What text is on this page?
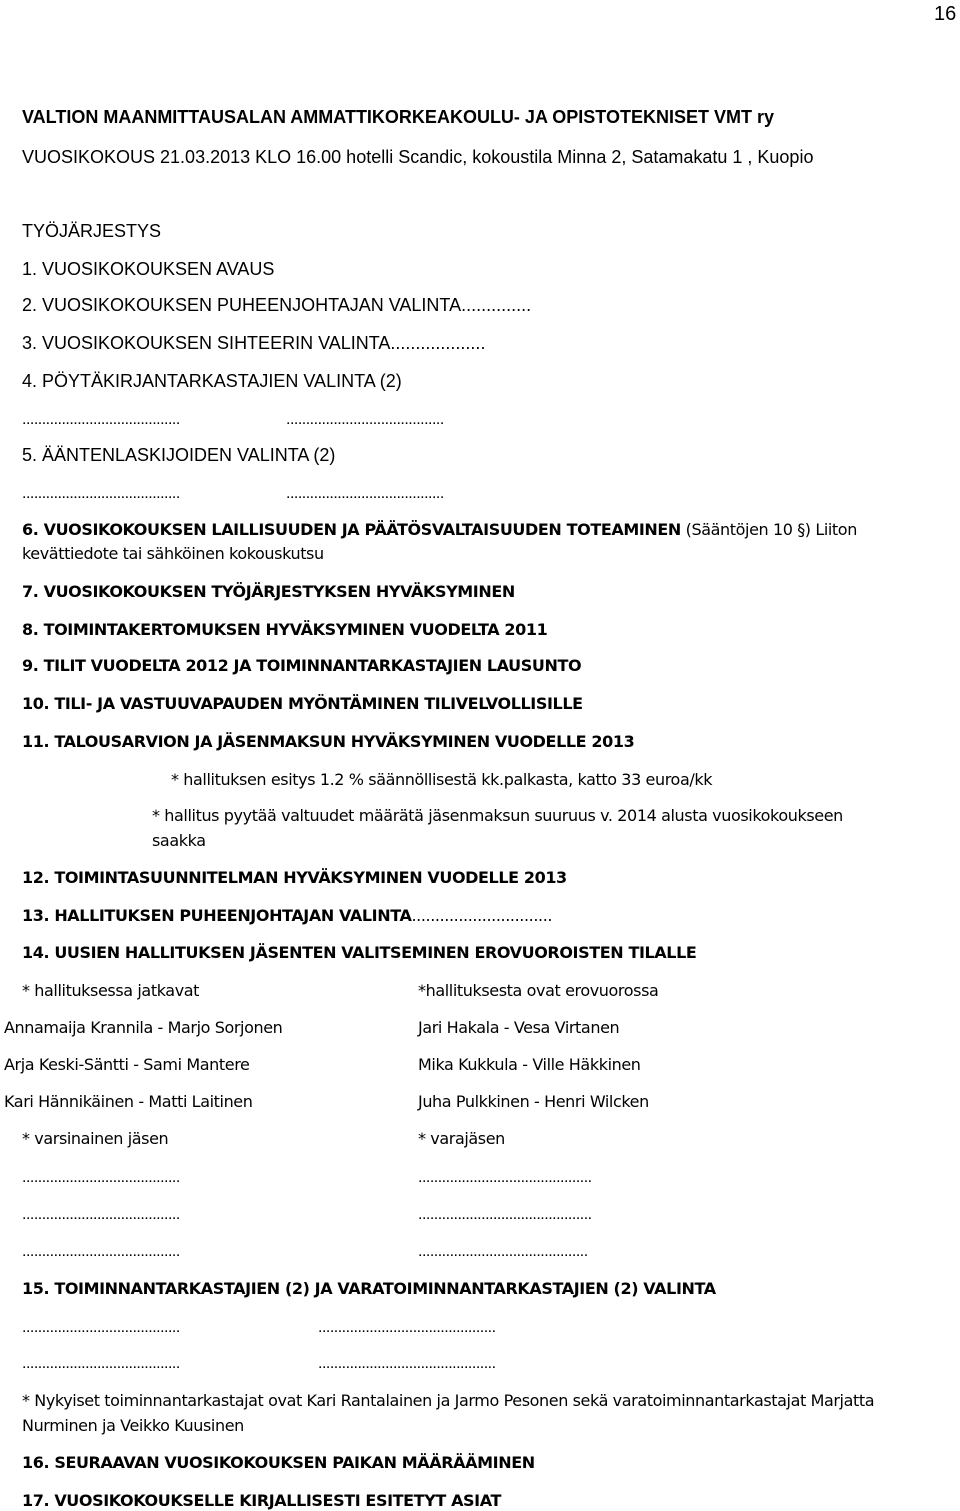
16
VALTION MAANMITTAUSALAN AMMATTIKORKEAKOULU- JA OPISTOTEKNISET VMT ry
VUOSIKOKOUS 21.03.2013 KLO 16.00 hotelli Scandic, kokoustila Minna 2, Satamakatu 1 , Kuopio
TYÖJÄRJESTYS
1. VUOSIKOKOUKSEN AVAUS
2. VUOSIKOKOUKSEN PUHEENJOHTAJAN VALINTA..............
3. VUOSIKOKOUKSEN SIHTEERIN VALINTA...................
4. PÖYTÄKIRJANTARKASTAJIEN VALINTA (2)
........................................	........................................
5. ÄÄNTENLASKIJOIDEN VALINTA (2)
........................................	........................................
6. VUOSIKOKOUKSEN LAILLISUUDEN JA PÄÄTÖSVALTAISUUDEN TOTEAMINEN (Sääntöjen 10 §) Liiton
kevättiedote tai sähköinen kokouskutsu
7. VUOSIKOKOUKSEN TYÖJÄRJESTYKSEN HYVÄKSYMINEN
8. TOIMINTAKERTOMUKSEN HYVÄKSYMINEN VUODELTA 2011
9. TILIT VUODELTA 2012 JA TOIMINNANTARKASTAJIEN LAUSUNTO
10. TILI- JA VASTUUVAPAUDEN MYÖNTÄMINEN TILIVELVOLLISILLE
11. TALOUSARVION JA JÄSENMAKSUN HYVÄKSYMINEN VUODELLE 2013
* hallituksen esitys 1.2 % säännöllisestä kk.palkasta, katto 33 euroa/kk
* hallitus pyytää valtuudet määrätä jäsenmaksun suuruus v. 2014 alusta vuosikokoukseen
saakka
12. TOIMINTASUUNNITELMAN HYVÄKSYMINEN VUODELLE 2013
13. HALLITUKSEN PUHEENJOHTAJAN VALINTA..............................
14. UUSIEN HALLITUKSEN JÄSENTEN VALITSEMINEN EROVUOROISTEN TILALLE
* hallituksessa jatkavat	*hallituksesta ovat erovuorossa
Annamaija Krannila - Marjo Sorjonen	Jari Hakala - Vesa Virtanen
Arja Keski-Säntti - Sami Mantere	Mika Kukkula - Ville Häkkinen
Kari Hännikäinen - Matti Laitinen	Juha Pulkkinen - Henri Wilcken
* varsinainen jäsen	* varajäsen
........................................	............................................
........................................	............................................
........................................	...........................................
15. TOIMINNANTARKASTAJIEN (2) JA VARATOIMINNANTARKASTAJIEN (2) VALINTA
........................................	.............................................
........................................	.............................................
* Nykyiset toiminnantarkastajat ovat Kari Rantalainen ja Jarmo Pesonen sekä varatoiminnantarkastajat Marjatta
Nurminen ja Veikko Kuusinen
16. SEURAAVAN VUOSIKOKOUKSEN PAIKAN MÄÄRÄÄMINEN
17. VUOSIKOKOUKSELLE KIRJALLISESTI ESITETYT ASIAT
